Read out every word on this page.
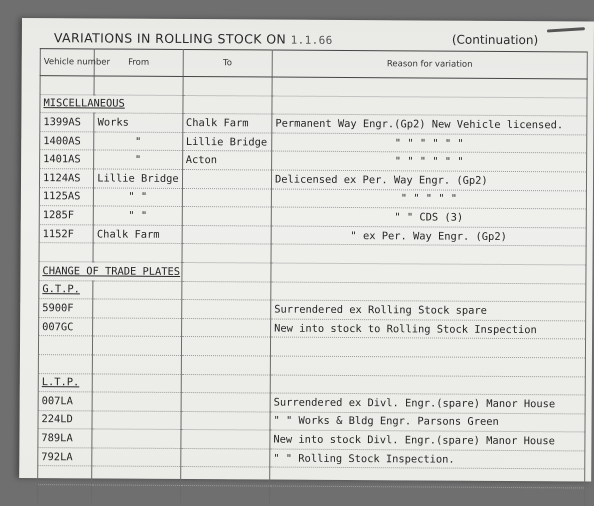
VARIATIONS IN ROLLING STOCK ON 1.1.66	(Continuation)
Vehicle number	From	To	Reason for variation

MISCELLANEOUS			
1399AS	Works	Chalk Farm	Permanent Way Engr.(Gp2) New Vehicle licensed.
1400AS	"	Lillie Bridge	" " " " " "
1401AS	"	Acton	" " " " " "
1124AS	Lillie Bridge		Delicensed ex Per. Way Engr. (Gp2)
1125AS	" "		" " " " "
1285F	" "		" " CDS (3)
1152F	Chalk Farm		" ex Per. Way Engr. (Gp2)

CHANGE OF TRADE PLATES			
G.T.P.			
5900F			Surrendered ex Rolling Stock spare
007GC			New into stock to Rolling Stock Inspection

L.T.P.			
007LA			Surrendered ex Divl. Engr.(spare) Manor House
224LD			" " Works & Bldg Engr. Parsons Green
789LA			New into stock Divl. Engr.(spare) Manor House
792LA			" " Rolling Stock Inspection.
